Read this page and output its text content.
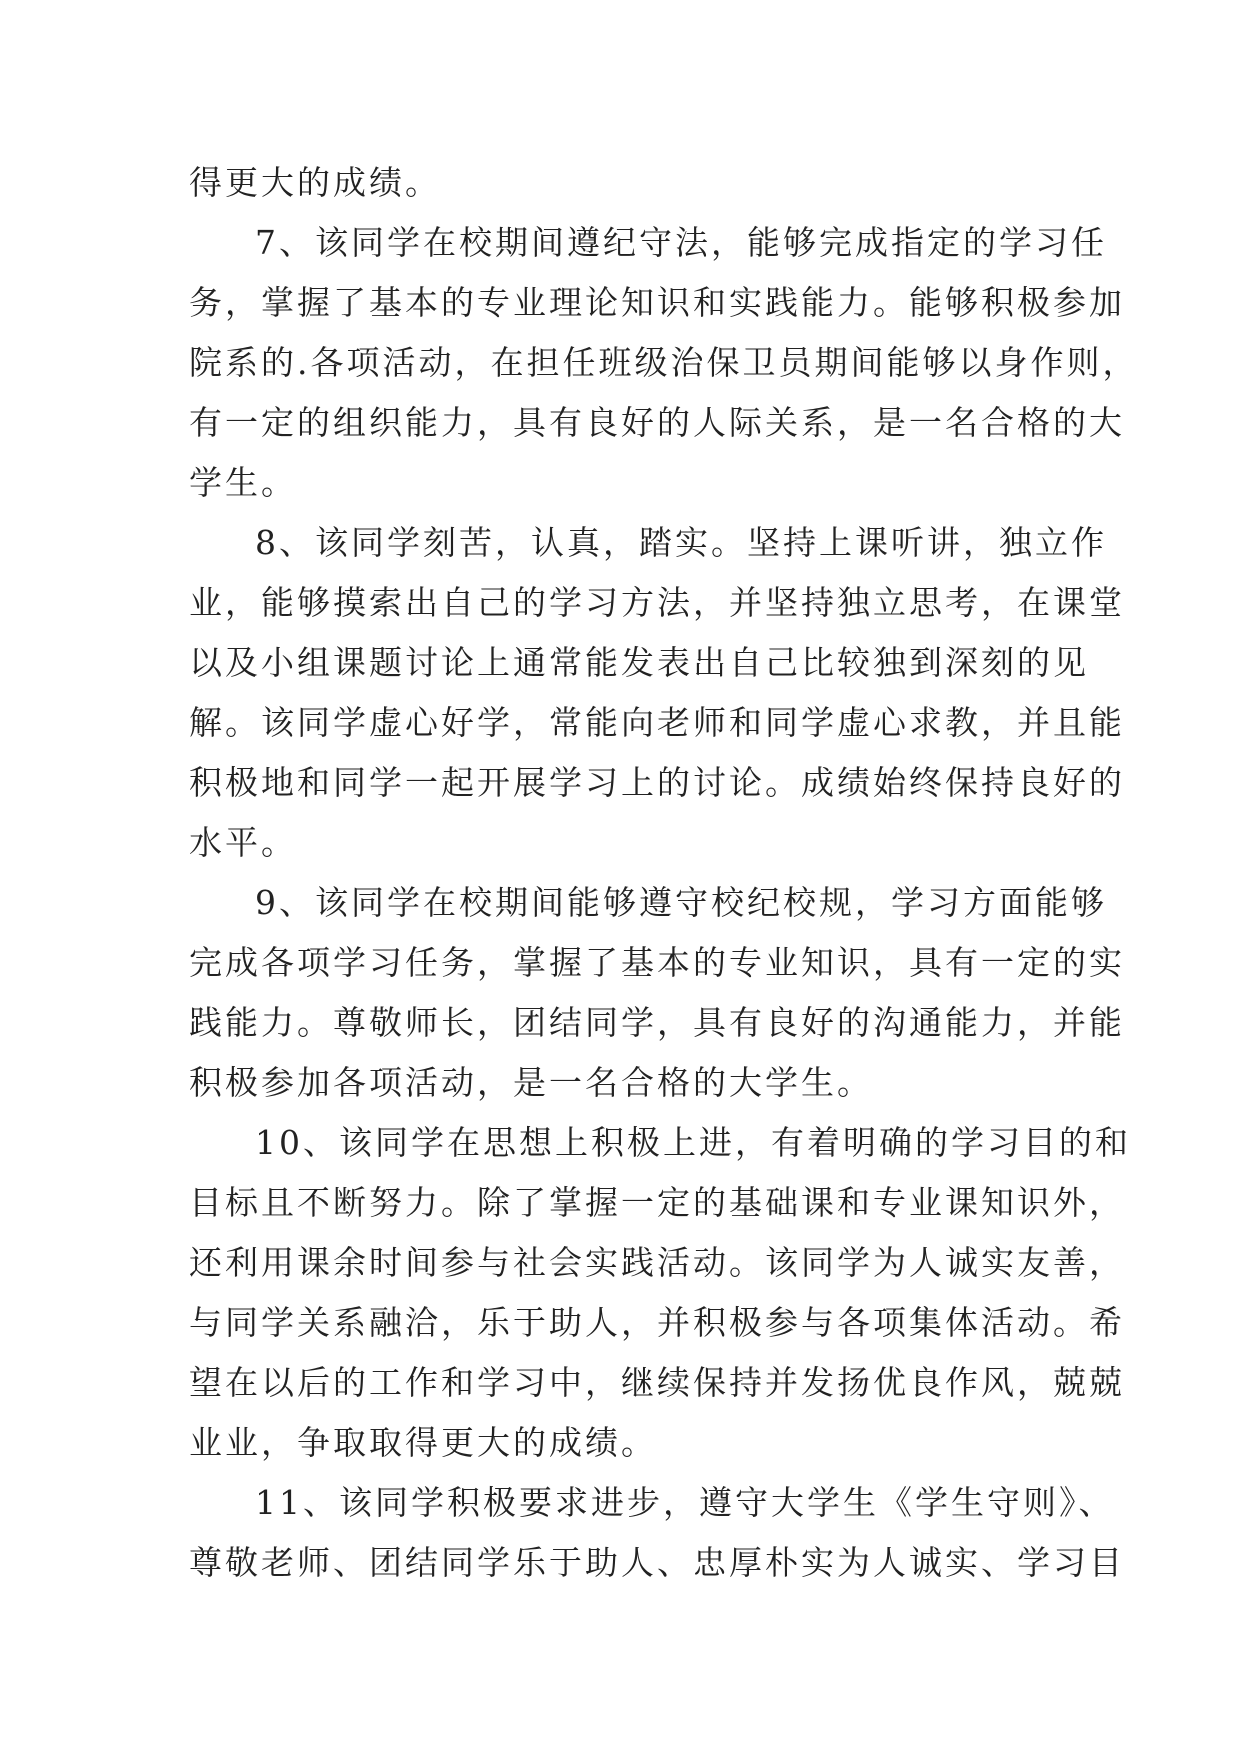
得更大的成绩。
7、该同学在校期间遵纪守法，能够完成指定的学习任
务，掌握了基本的专业理论知识和实践能力。能够积极参加
院系的.各项活动，在担任班级治保卫员期间能够以身作则，
有一定的组织能力，具有良好的人际关系，是一名合格的大
学生。
8、该同学刻苦，认真，踏实。坚持上课听讲，独立作
业，能够摸索出自己的学习方法，并坚持独立思考，在课堂
以及小组课题讨论上通常能发表出自己比较独到深刻的见
解。该同学虚心好学，常能向老师和同学虚心求教，并且能
积极地和同学一起开展学习上的讨论。成绩始终保持良好的
水平。
9、该同学在校期间能够遵守校纪校规，学习方面能够
完成各项学习任务，掌握了基本的专业知识，具有一定的实
践能力。尊敬师长，团结同学，具有良好的沟通能力，并能
积极参加各项活动，是一名合格的大学生。
10、该同学在思想上积极上进，有着明确的学习目的和
目标且不断努力。除了掌握一定的基础课和专业课知识外，
还利用课余时间参与社会实践活动。该同学为人诚实友善，
与同学关系融洽，乐于助人，并积极参与各项集体活动。希
望在以后的工作和学习中，继续保持并发扬优良作风，兢兢
业业，争取取得更大的成绩。
11、该同学积极要求进步，遵守大学生《学生守则》、
尊敬老师、团结同学乐于助人、忠厚朴实为人诚实、学习目
